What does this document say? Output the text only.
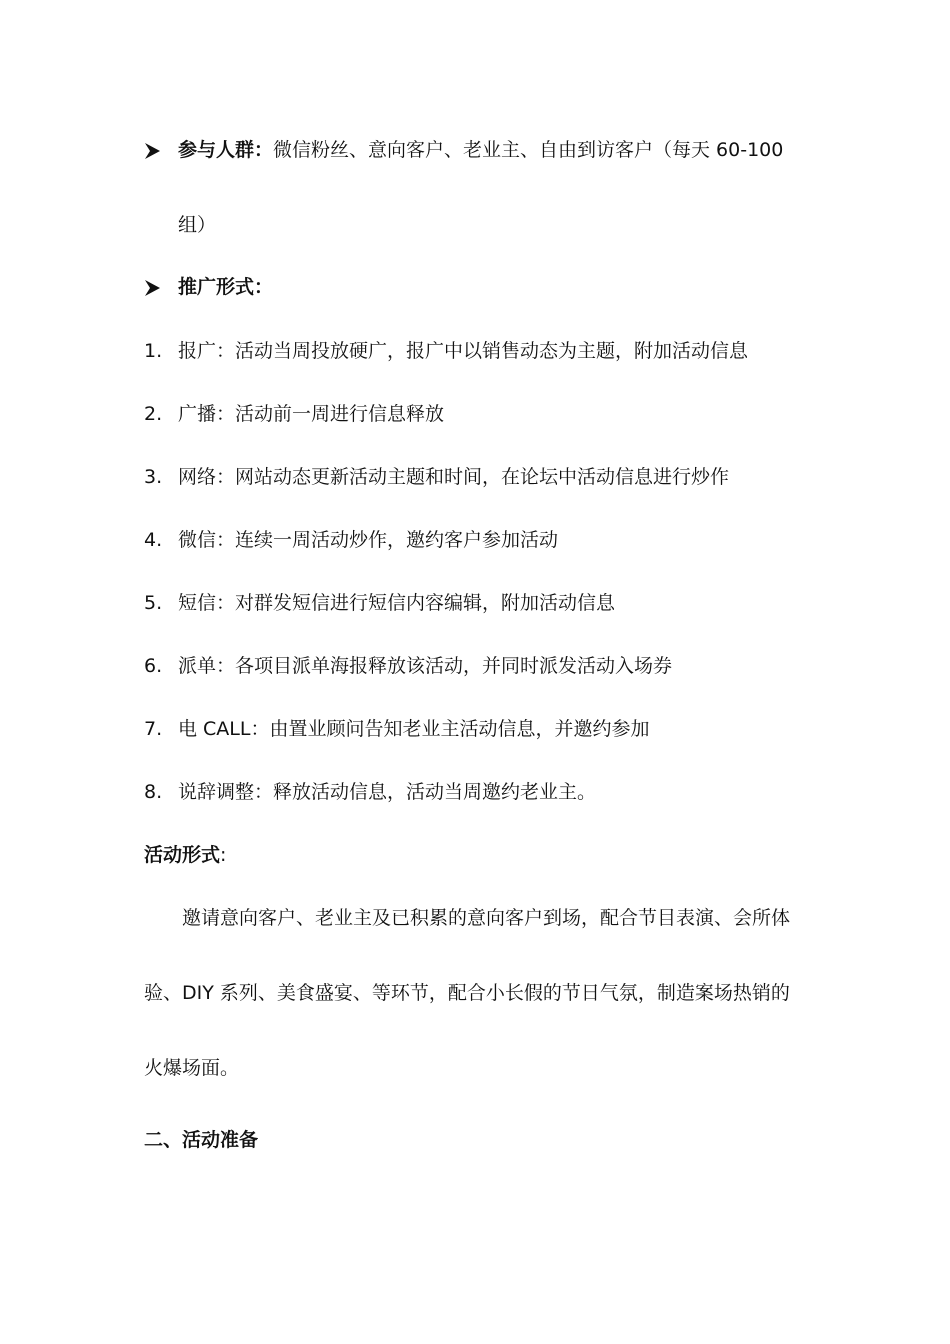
参与人群：微信粉丝、意向客户、老业主、自由到访客户（每天 60-100
组）
推广形式：
1. 报广：活动当周投放硬广，报广中以销售动态为主题，附加活动信息
2. 广播：活动前一周进行信息释放
3. 网络：网站动态更新活动主题和时间，在论坛中活动信息进行炒作
4. 微信：连续一周活动炒作，邀约客户参加活动
5. 短信：对群发短信进行短信内容编辑，附加活动信息
6. 派单：各项目派单海报释放该活动，并同时派发活动入场券
7. 电 CALL：由置业顾问告知老业主活动信息，并邀约参加
8. 说辞调整：释放活动信息，活动当周邀约老业主。
活动形式:
邀请意向客户、老业主及已积累的意向客户到场，配合节目表演、会所体
验、DIY 系列、美食盛宴、等环节，配合小长假的节日气氛，制造案场热销的
火爆场面。
二、活动准备
